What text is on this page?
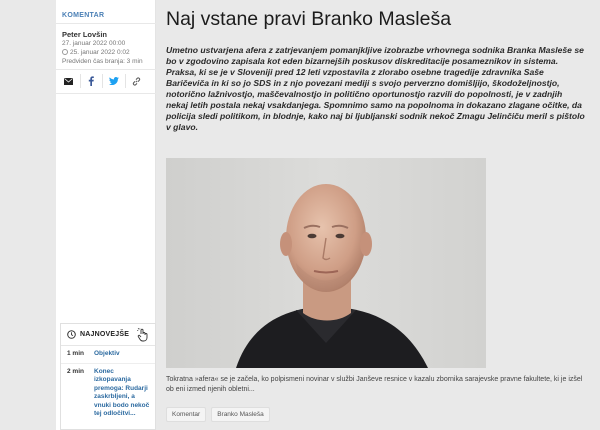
KOMENTAR
Peter Lovšin
27. januar 2022 00:00
25. januar 2022 0:02
Predviden čas branja: 3 min
NAJNOVEJŠE
1 min	Objektiv
2 min	Konec izkopavanja premoga: Rudarji zaskrbljeni, a vnuki bodo nekoč tej odločitvi...
Naj vstane pravi Branko Masleša

Umetno ustvarjena afera z zatrjevanjem pomanjkljive izobrazbe vrhovnega sodnika Branka Masleše se bo v zgodovino zapisala kot eden bizarnejših poskusov diskreditacije posameznikov in sistema. Praksa, ki se je v Sloveniji pred 12 leti vzpostavila z zlorabo osebne tragedije zdravnika Saše Baričeviča in ki so jo SDS in z njo povezani mediji s svojo perverzno domišljijo, škodoželjnostjo, notorično lažnivostjo, maščevalnostjo in politično oportunostjo razvili do popolnosti, je v zadnjih nekaj letih postala nekaj vsakdanjega. Spomnimo samo na popolnoma in dokazano zlagane očitke, da policija sledi politikom, in blodnje, kako naj bi ljubljanski sodnik nekoč Zmagu Jelinčiču meril s pištolo v glavo.

Tokratna »afera« se je začela, ko polpismeni novinar v službi Janševe resnice v kazalu zbornika sarajevske pravne fakultete, ki je izšel ob eni izmed njenih obletni...

Komentar	Branko Masleša
